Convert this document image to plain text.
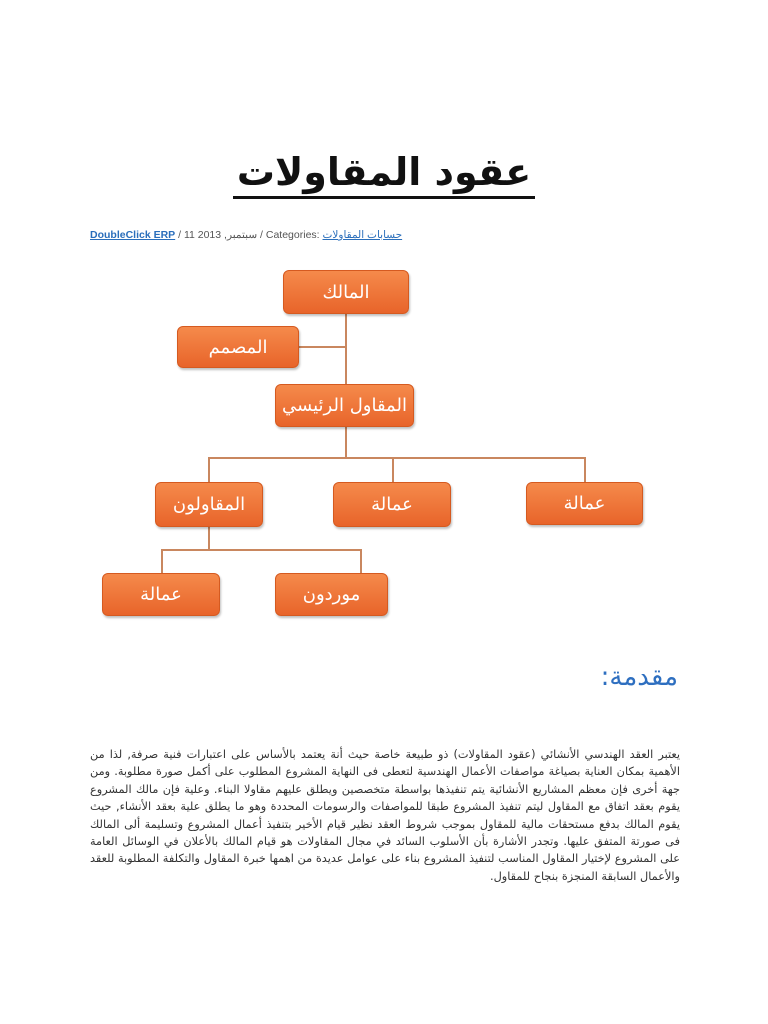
عقود المقاولات
DoubleClick ERP / 11 2013 ,سبتمبر / Categories: حسابات المقاولات
المالك
المصمم
المقاول الرئيسي
المقاولون	عمالة	عمالة
عمالة	موردون
مقدمة:
يعتبر العقد الهندسي الأنشائي (عقود المقاولات) ذو طبيعة خاصة حيث أنة يعتمد بالأساس على اعتبارات فنية صرفة, لذا من الأهمية بمكان العناية بصياغة مواصفات الأعمال الهندسية لتعطى فى النهاية المشروع المطلوب على أكمل صورة مطلوبة. ومن جهة أخرى فإن معظم المشاريع الأنشائية يتم تنفيذها بواسطة متخصصين ويطلق عليهم مقاولا البناء. وعلية فإن مالك المشروع يقوم بعقد اتفاق مع المقاول ليتم تنفيذ المشروع طبقا للمواصفات والرسومات المحددة وهو ما يطلق علية بعقد الأنشاء, حيث يقوم المالك بدفع مستحقات مالية للمقاول بموجب شروط العقد نظير قيام الأخير بتنفيذ أعمال المشروع وتسليمة ألى المالك فى صورتة المتفق عليها. وتجدر الأشارة بأن الأسلوب السائد في مجال المقاولات هو قيام المالك بالأعلان في الوسائل العامة على المشروع لإختيار المقاول المناسب لتنفيذ المشروع بناء على عوامل عديدة من اهمها خبرة المقاول والتكلفة المطلوبة للعقد والأعمال السابقة المنجزة بنجاح للمقاول.
